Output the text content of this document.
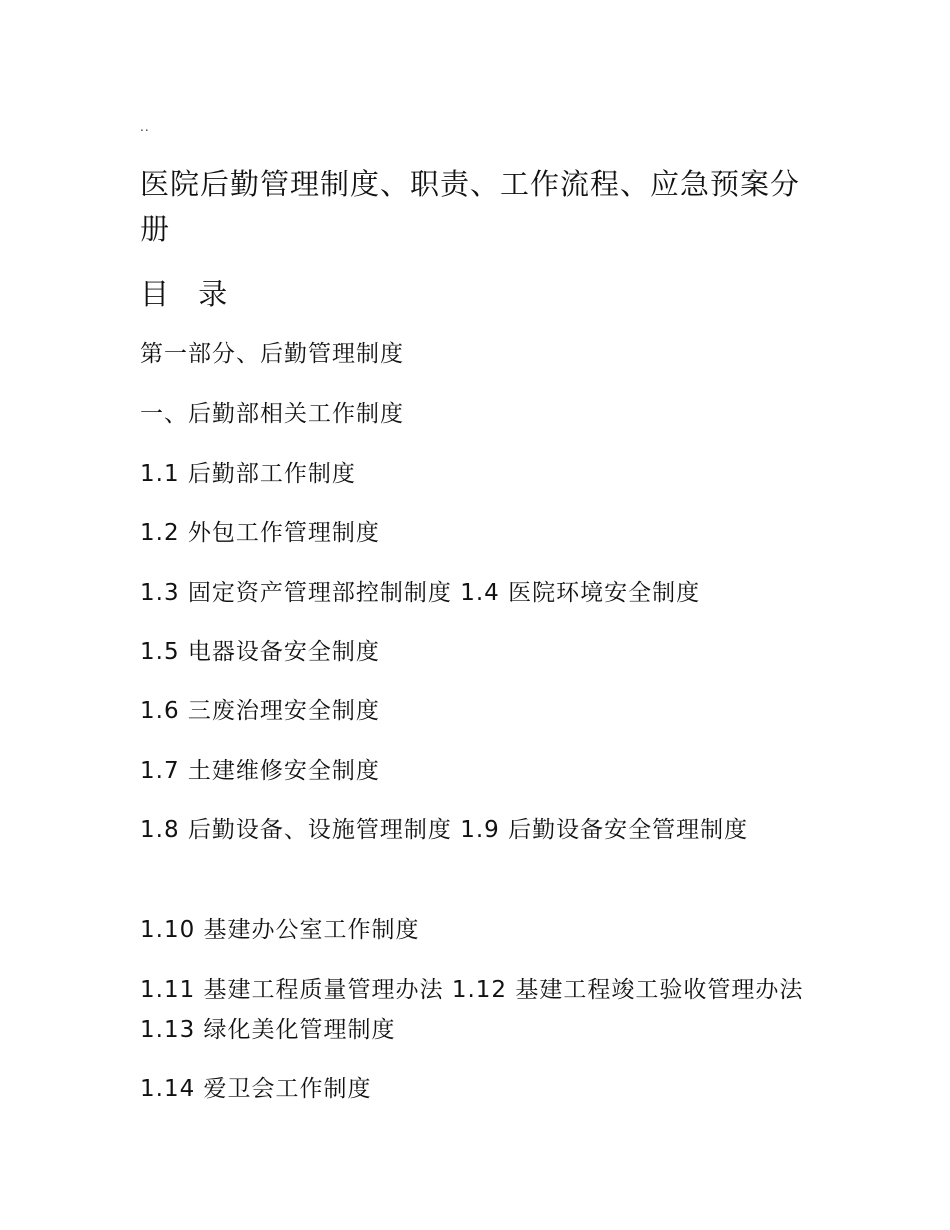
..
医院后勤管理制度、职责、工作流程、应急预案分册
目 录

第一部分、后勤管理制度

一、后勤部相关工作制度

1.1 后勤部工作制度

1.2 外包工作管理制度

1.3 固定资产管理部控制制度 1.4 医院环境安全制度

1.5 电器设备安全制度

1.6 三废治理安全制度

1.7 土建维修安全制度

1.8 后勤设备、设施管理制度 1.9 后勤设备安全管理制度

1.10 基建办公室工作制度

1.11 基建工程质量管理办法 1.12 基建工程竣工验收管理办法 1.13 绿化美化管理制度

1.14 爱卫会工作制度
